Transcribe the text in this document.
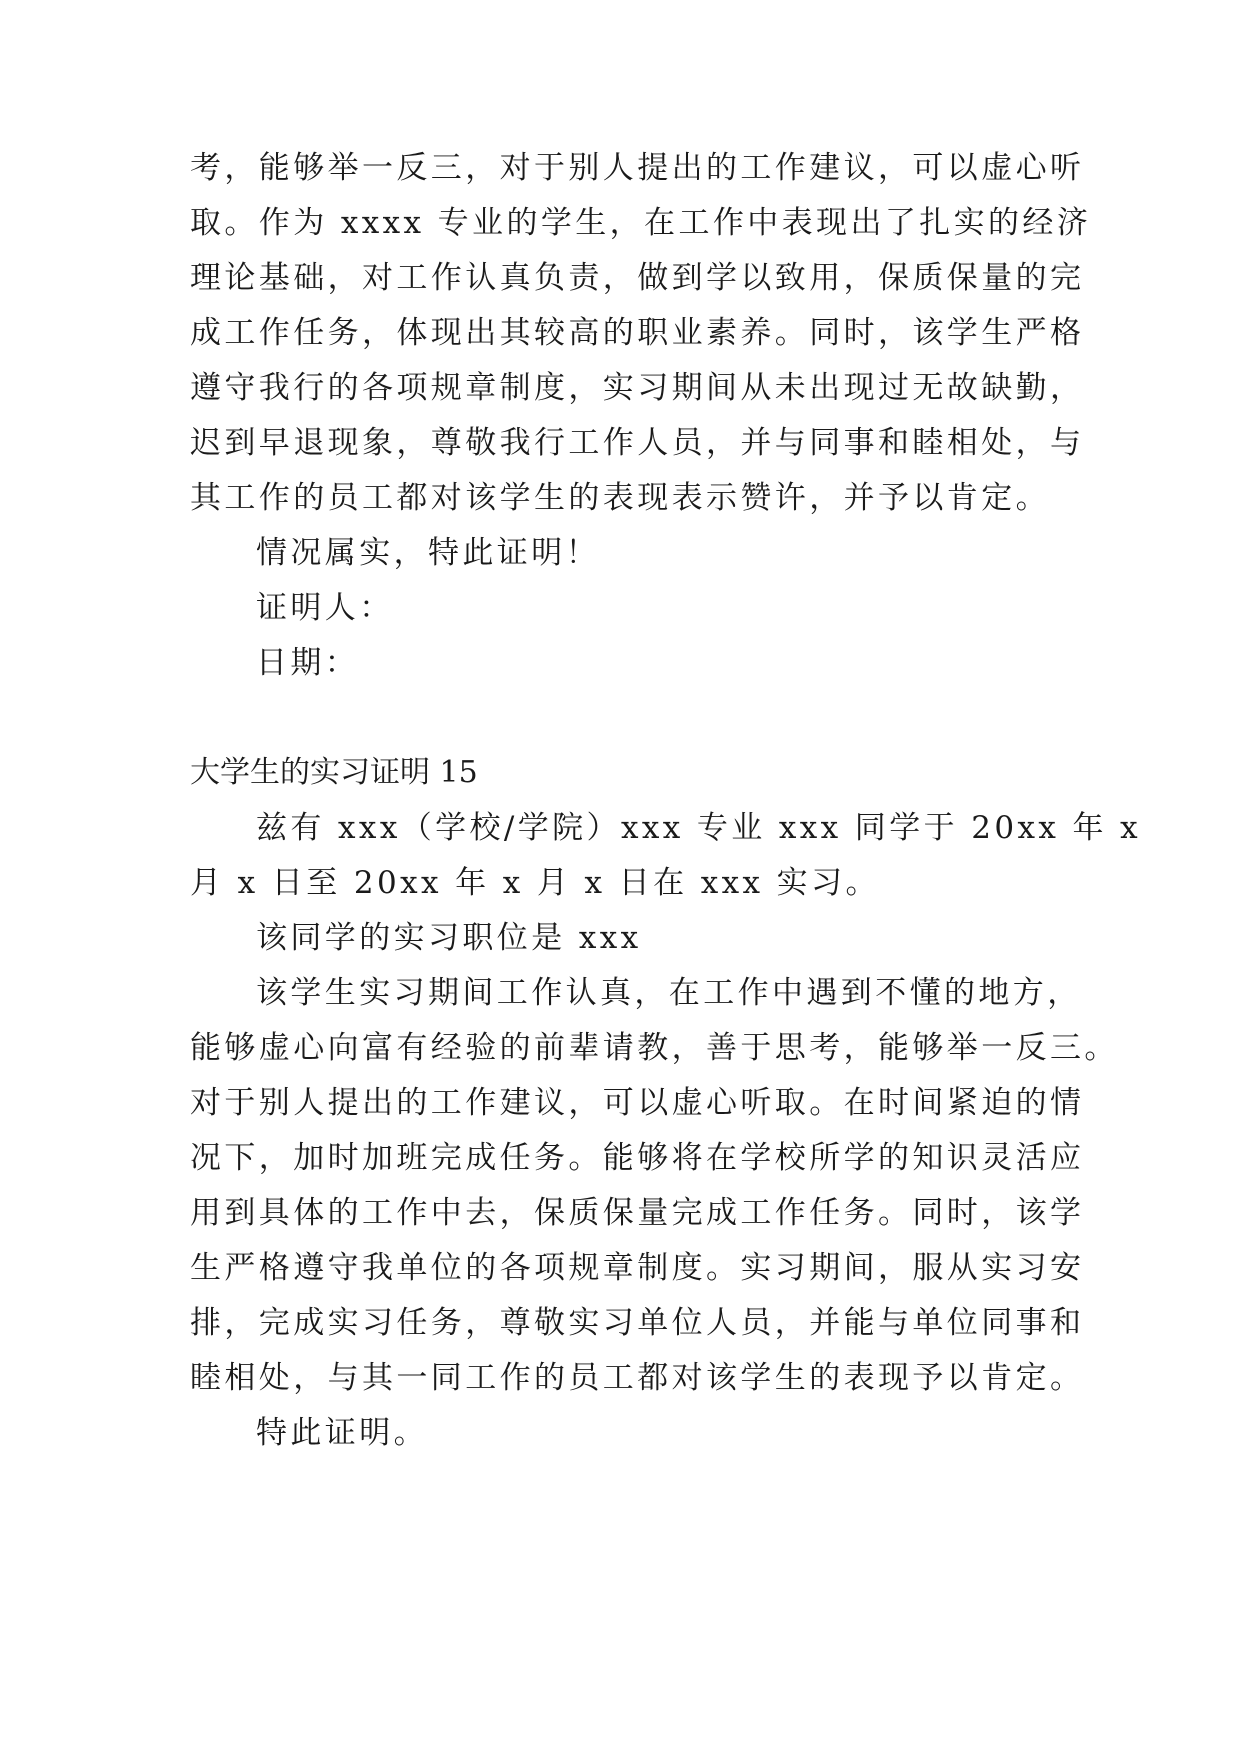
考，能够举一反三，对于别人提出的工作建议，可以虚心听
取。作为 xxxx 专业的学生，在工作中表现出了扎实的经济
理论基础，对工作认真负责，做到学以致用，保质保量的完
成工作任务，体现出其较高的职业素养。同时，该学生严格
遵守我行的各项规章制度，实习期间从未出现过无故缺勤，
迟到早退现象，尊敬我行工作人员，并与同事和睦相处，与
其工作的员工都对该学生的表现表示赞许，并予以肯定。
情况属实，特此证明！
证明人：
日期：
大学生的实习证明 15
兹有 xxx（学校/学院）xxx 专业 xxx 同学于 20xx 年 x
月 x 日至 20xx 年 x 月 x 日在 xxx 实习。
该同学的实习职位是 xxx
该学生实习期间工作认真，在工作中遇到不懂的地方，
能够虚心向富有经验的前辈请教，善于思考，能够举一反三。
对于别人提出的工作建议，可以虚心听取。在时间紧迫的情
况下，加时加班完成任务。能够将在学校所学的知识灵活应
用到具体的工作中去，保质保量完成工作任务。同时，该学
生严格遵守我单位的各项规章制度。实习期间，服从实习安
排，完成实习任务，尊敬实习单位人员，并能与单位同事和
睦相处，与其一同工作的员工都对该学生的表现予以肯定。
特此证明。
